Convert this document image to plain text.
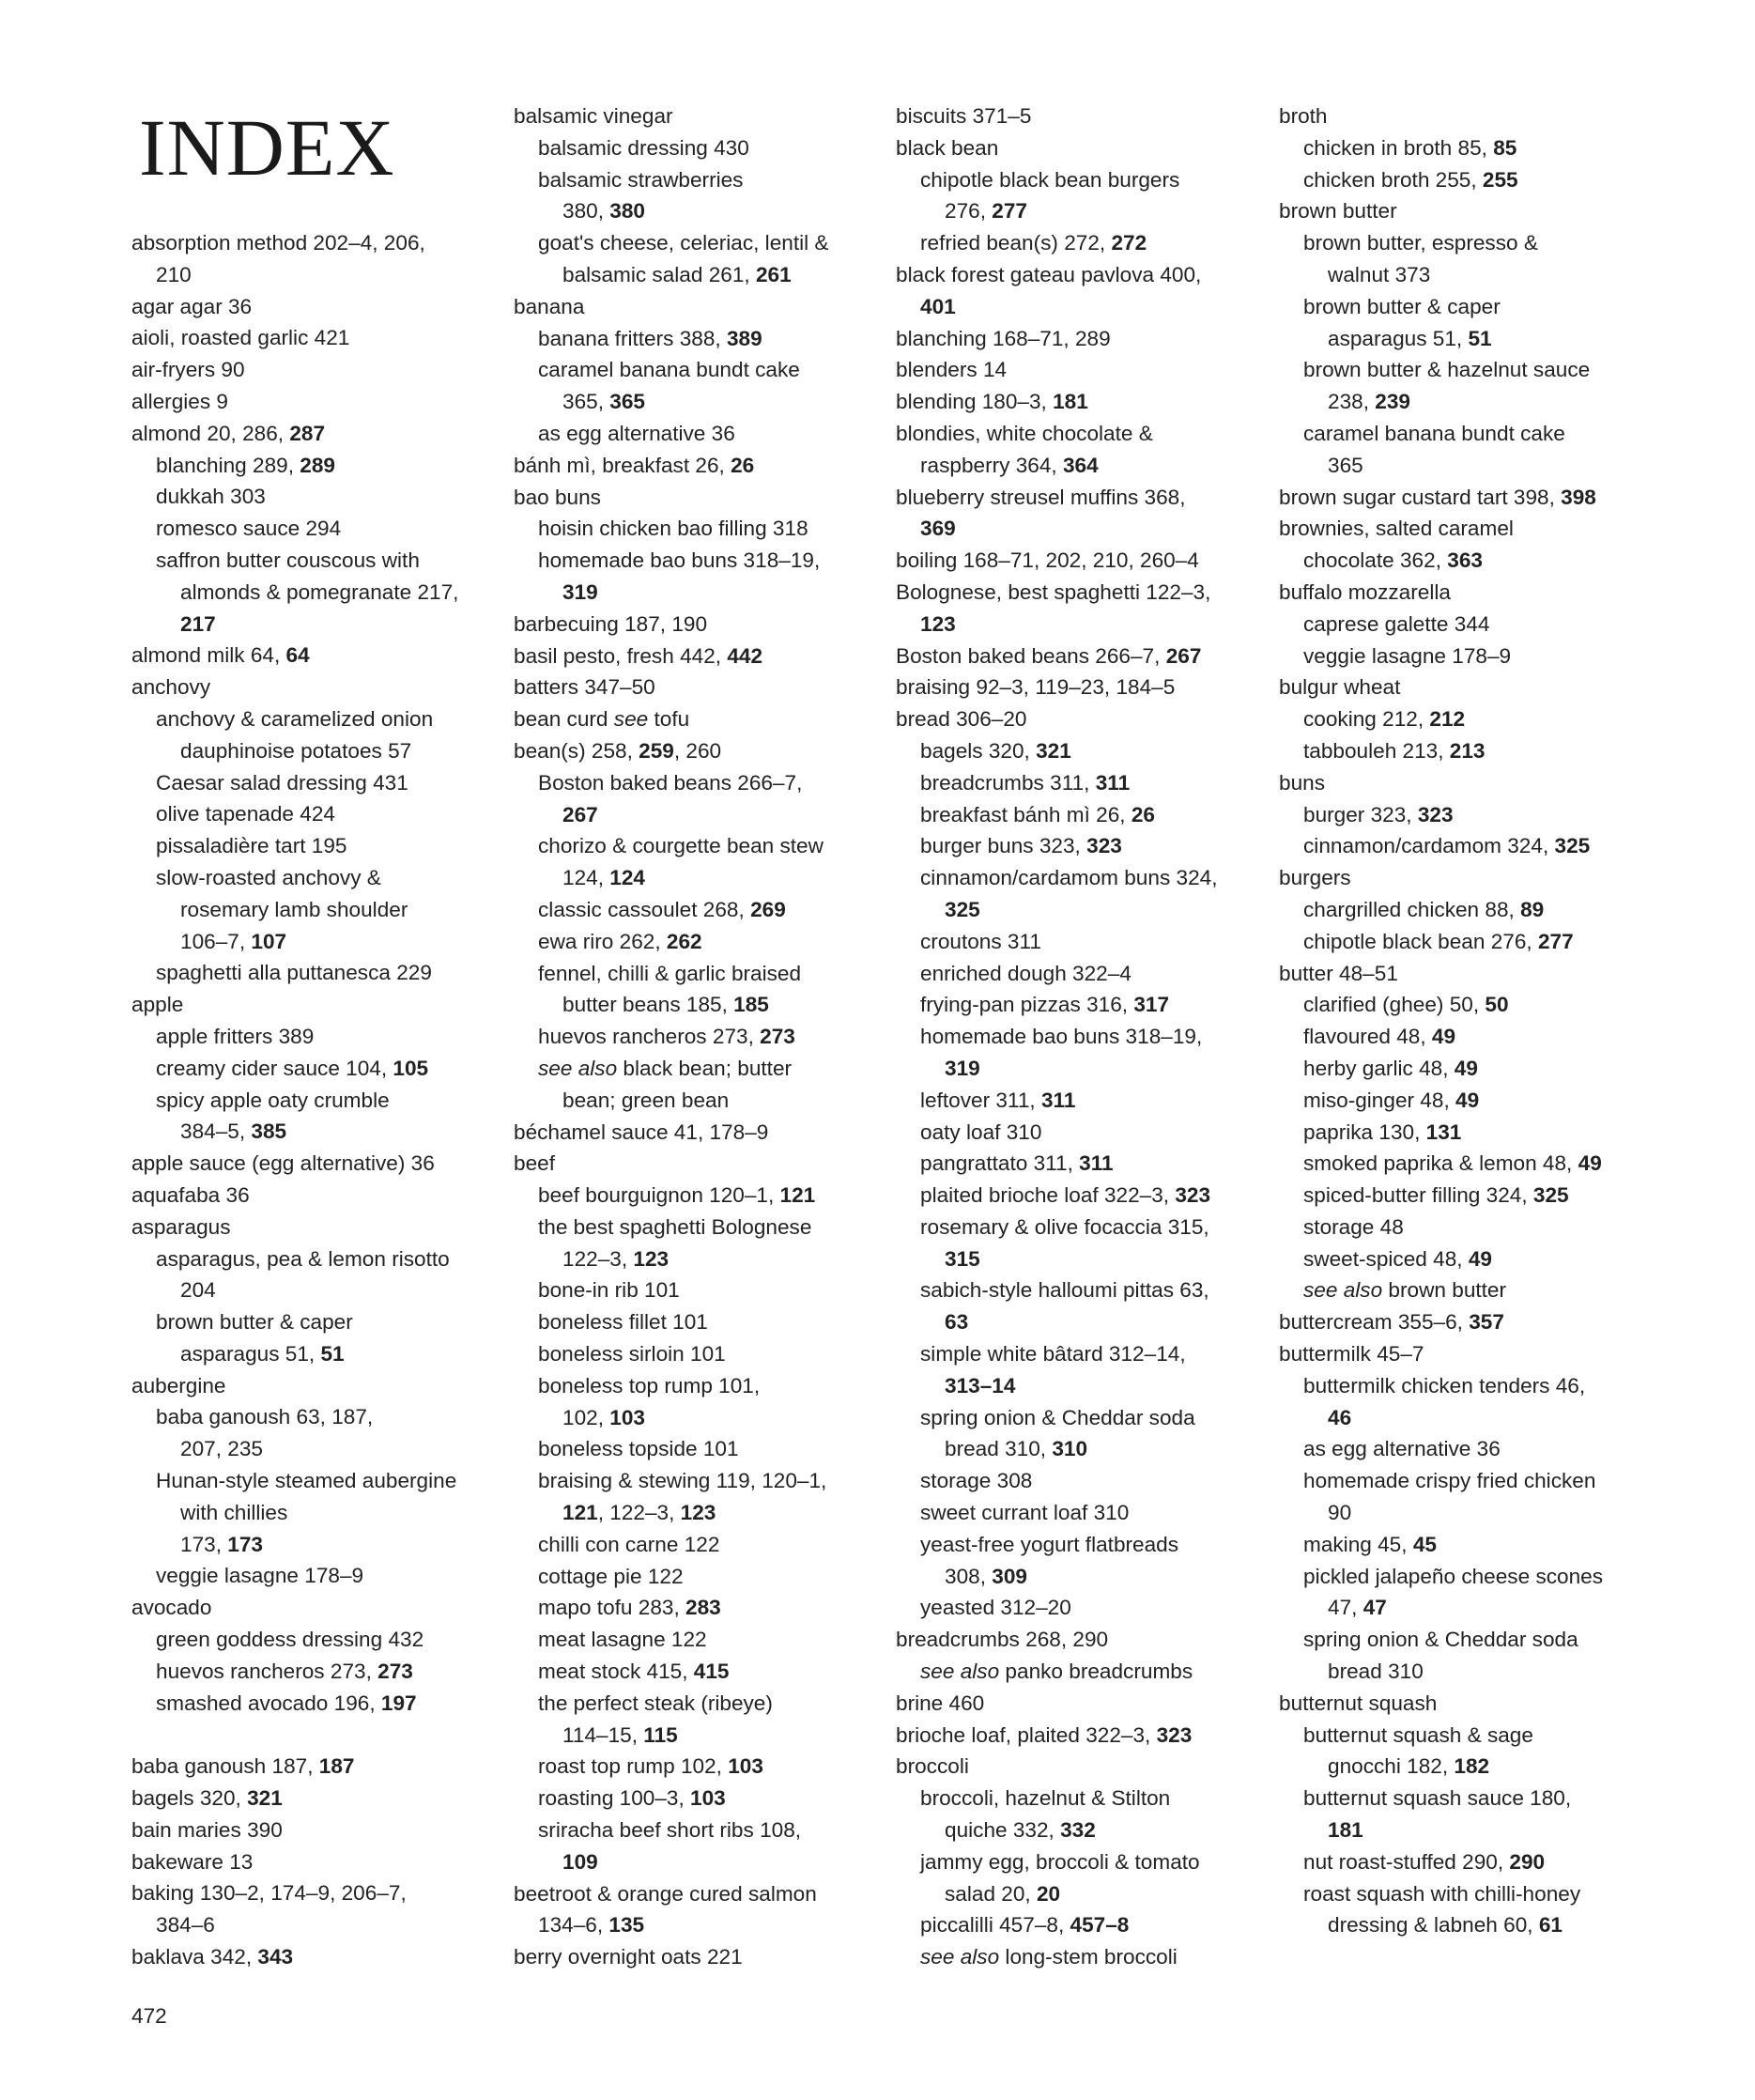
INDEX
absorption method 202–4, 206,
210
agar agar 36
aioli, roasted garlic 421
air-fryers 90
allergies 9
almond 20, 286, 287
blanching 289, 289
dukkah 303
romesco sauce 294
saffron butter couscous with
almonds & pomegranate 217,
217
almond milk 64, 64
anchovy
anchovy & caramelized onion
dauphinoise potatoes 57
Caesar salad dressing 431
olive tapenade 424
pissaladière tart 195
slow-roasted anchovy &
rosemary lamb shoulder
106–7, 107
spaghetti alla puttanesca 229
apple
apple fritters 389
creamy cider sauce 104, 105
spicy apple oaty crumble
384–5, 385
apple sauce (egg alternative) 36
aquafaba 36
asparagus
asparagus, pea & lemon risotto
204
brown butter & caper
asparagus 51, 51
aubergine
baba ganoush 63, 187,
207, 235
Hunan-style steamed aubergine
with chillies
173, 173
veggie lasagne 178–9
avocado
green goddess dressing 432
huevos rancheros 273, 273
smashed avocado 196, 197
baba ganoush 187, 187
bagels 320, 321
bain maries 390
bakeware 13
baking 130–2, 174–9, 206–7,
384–6
baklava 342, 343
balsamic vinegar
balsamic dressing 430
balsamic strawberries
380, 380
goat's cheese, celeriac, lentil &
balsamic salad 261, 261
banana
banana fritters 388, 389
caramel banana bundt cake
365, 365
as egg alternative 36
bánh mì, breakfast 26, 26
bao buns
hoisin chicken bao filling 318
homemade bao buns 318–19,
319
barbecuing 187, 190
basil pesto, fresh 442, 442
batters 347–50
bean curd see tofu
bean(s) 258, 259, 260
Boston baked beans 266–7,
267
chorizo & courgette bean stew
124, 124
classic cassoulet 268, 269
ewa riro 262, 262
fennel, chilli & garlic braised
butter beans 185, 185
huevos rancheros 273, 273
see also black bean; butter
bean; green bean
béchamel sauce 41, 178–9
beef
beef bourguignon 120–1, 121
the best spaghetti Bolognese
122–3, 123
bone-in rib 101
boneless fillet 101
boneless sirloin 101
boneless top rump 101,
102, 103
boneless topside 101
braising & stewing 119, 120–1,
121, 122–3, 123
chilli con carne 122
cottage pie 122
mapo tofu 283, 283
meat lasagne 122
meat stock 415, 415
the perfect steak (ribeye)
114–15, 115
roast top rump 102, 103
roasting 100–3, 103
sriracha beef short ribs 108,
109
beetroot & orange cured salmon
134–6, 135
berry overnight oats 221
biscuits 371–5
black bean
chipotle black bean burgers
276, 277
refried bean(s) 272, 272
black forest gateau pavlova 400,
401
blanching 168–71, 289
blenders 14
blending 180–3, 181
blondies, white chocolate &
raspberry 364, 364
blueberry streusel muffins 368,
369
boiling 168–71, 202, 210, 260–4
Bolognese, best spaghetti 122–3,
123
Boston baked beans 266–7, 267
braising 92–3, 119–23, 184–5
bread 306–20
bagels 320, 321
breadcrumbs 311, 311
breakfast bánh mì 26, 26
burger buns 323, 323
cinnamon/cardamom buns 324,
325
croutons 311
enriched dough 322–4
frying-pan pizzas 316, 317
homemade bao buns 318–19,
319
leftover 311, 311
oaty loaf 310
pangrattato 311, 311
plaited brioche loaf 322–3, 323
rosemary & olive focaccia 315,
315
sabich-style halloumi pittas 63,
63
simple white bâtard 312–14,
313–14
spring onion & Cheddar soda
bread 310, 310
storage 308
sweet currant loaf 310
yeast-free yogurt flatbreads
308, 309
yeasted 312–20
breadcrumbs 268, 290
see also panko breadcrumbs
brine 460
brioche loaf, plaited 322–3, 323
broccoli
broccoli, hazelnut & Stilton
quiche 332, 332
jammy egg, broccoli & tomato
salad 20, 20
piccalilli 457–8, 457–8
see also long-stem broccoli
broth
chicken in broth 85, 85
chicken broth 255, 255
brown butter
brown butter, espresso &
walnut 373
brown butter & caper
asparagus 51, 51
brown butter & hazelnut sauce
238, 239
caramel banana bundt cake
365
brown sugar custard tart 398, 398
brownies, salted caramel
chocolate 362, 363
buffalo mozzarella
caprese galette 344
veggie lasagne 178–9
bulgur wheat
cooking 212, 212
tabbouleh 213, 213
buns
burger 323, 323
cinnamon/cardamom 324, 325
burgers
chargrilled chicken 88, 89
chipotle black bean 276, 277
butter 48–51
clarified (ghee) 50, 50
flavoured 48, 49
herby garlic 48, 49
miso-ginger 48, 49
paprika 130, 131
smoked paprika & lemon 48, 49
spiced-butter filling 324, 325
storage 48
sweet-spiced 48, 49
see also brown butter
buttercream 355–6, 357
buttermilk 45–7
buttermilk chicken tenders 46,
46
as egg alternative 36
homemade crispy fried chicken
90
making 45, 45
pickled jalapeño cheese scones
47, 47
spring onion & Cheddar soda
bread 310
butternut squash
butternut squash & sage
gnocchi 182, 182
butternut squash sauce 180,
181
nut roast-stuffed 290, 290
roast squash with chilli-honey
dressing & labneh 60, 61
472
